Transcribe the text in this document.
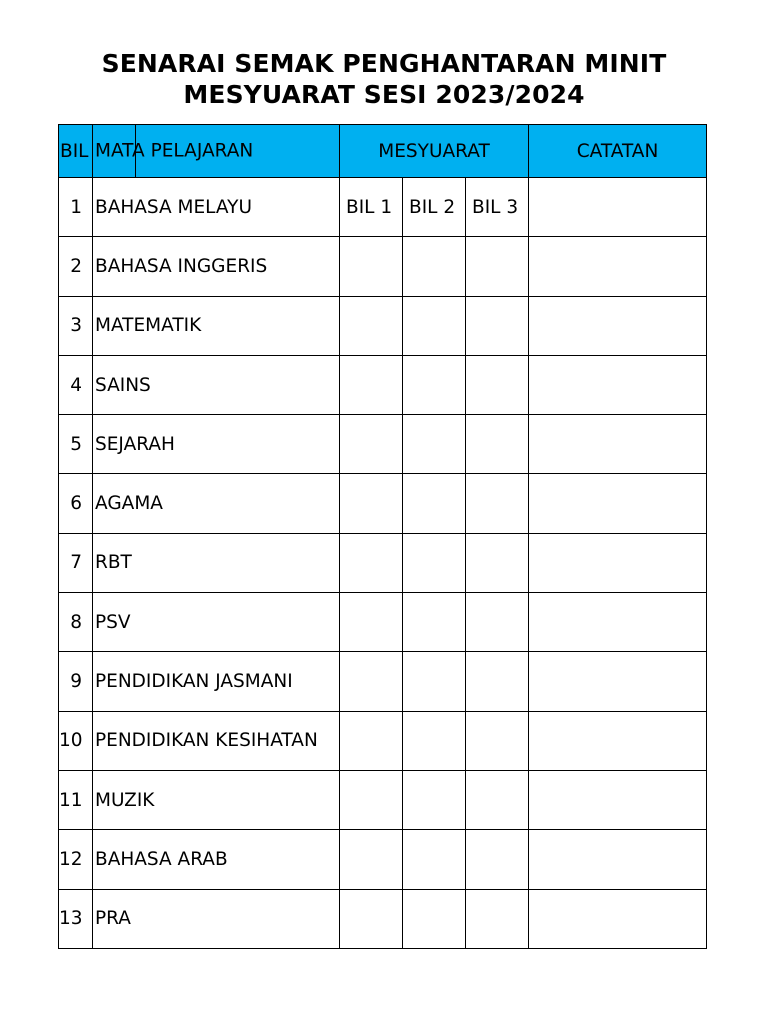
SENARAI SEMAK PENGHANTARAN MINIT
MESYUARAT SESI 2023/2024
BIL	MATA PELAJARAN	MESYUARAT			CATATAN
1	BAHASA MELAYU	BIL 1	BIL 2	BIL 3	
2	BAHASA INGGERIS				
3	MATEMATIK				
4	SAINS				
5	SEJARAH				
6	AGAMA				
7	RBT				
8	PSV				
9	PENDIDIKAN JASMANI				
10	PENDIDIKAN KESIHATAN				
11	MUZIK				
12	BAHASA ARAB				
13	PRA				
